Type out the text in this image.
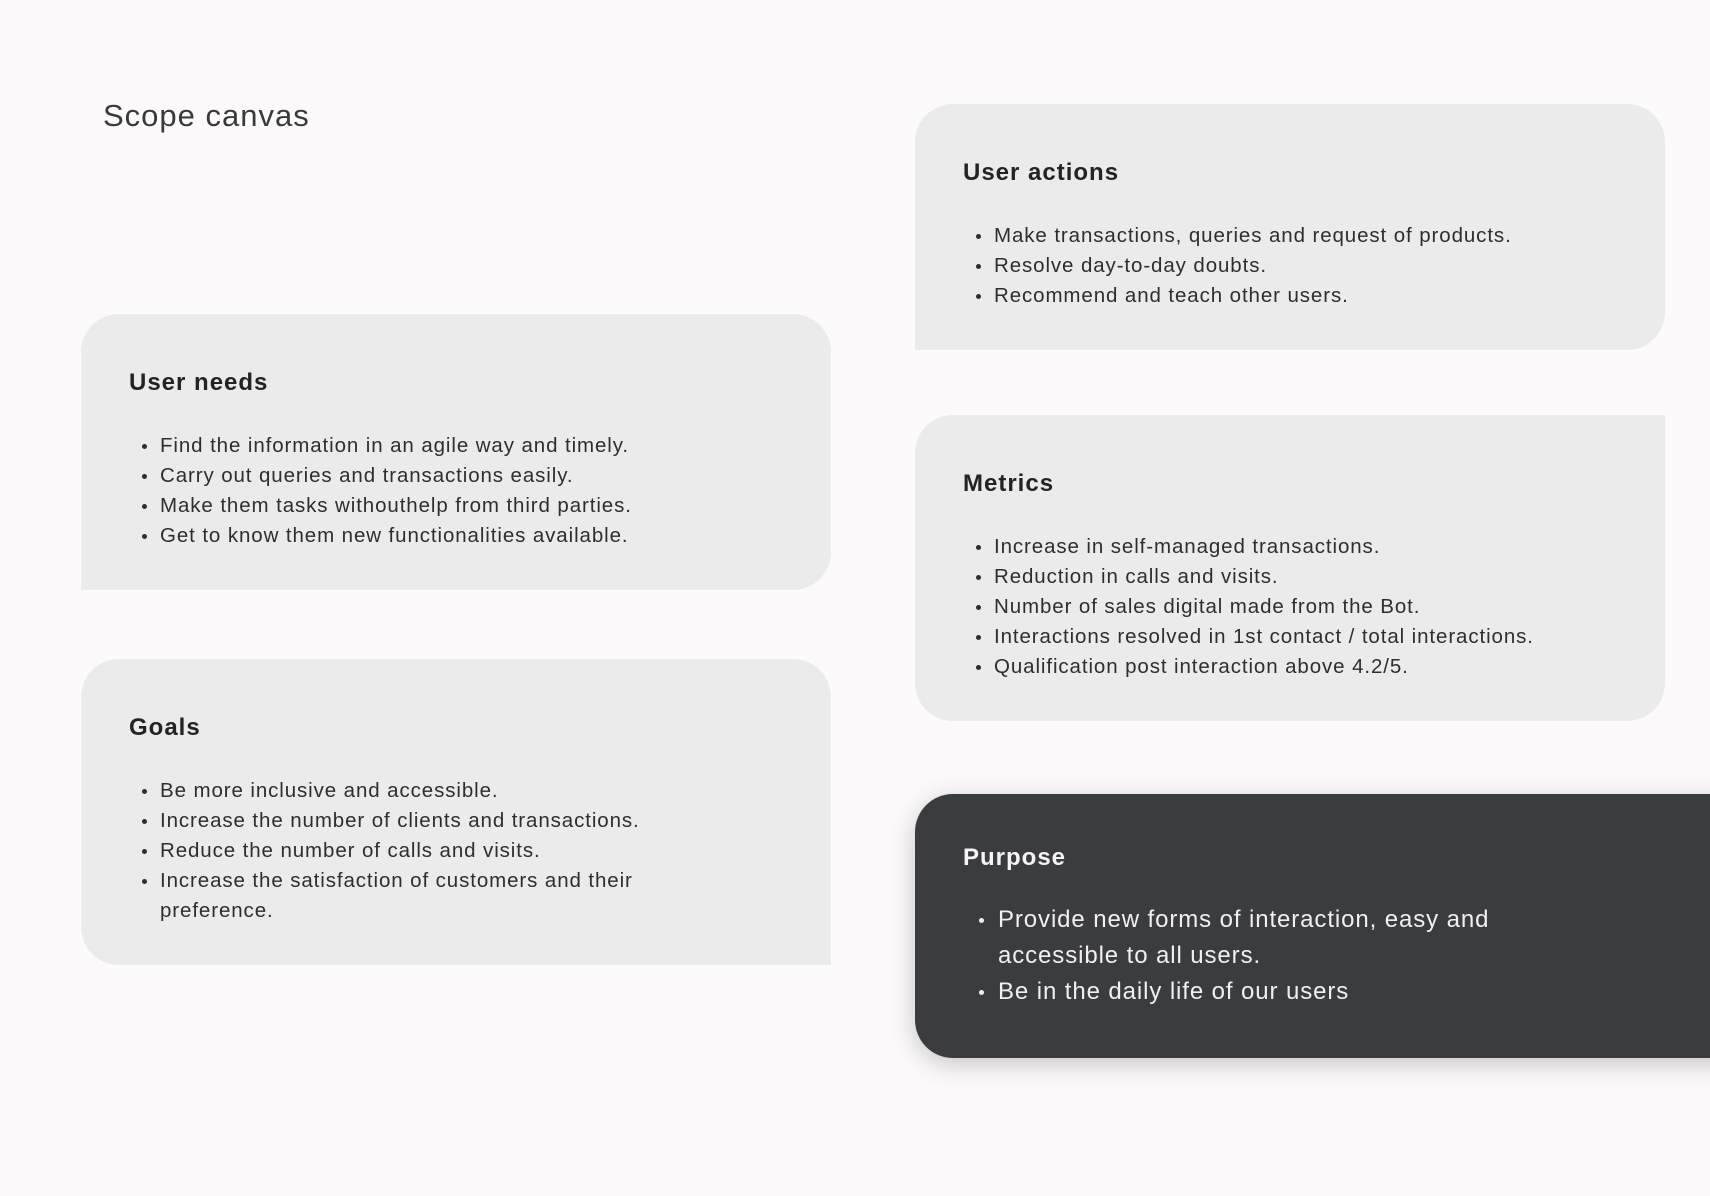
Scope canvas
User needs
Find the information in an agile way and timely.
Carry out queries and transactions easily.
Make them tasks withouthelp from third parties.
Get to know them new functionalities available.
Goals
Be more inclusive and accessible.
Increase the number of clients and transactions.
Reduce the number of calls and visits.
Increase the satisfaction of customers and their preference.
User actions
Make transactions, queries and request of products.
Resolve day-to-day doubts.
Recommend and teach other users.
Metrics
Increase in self-managed transactions.
Reduction in calls and visits.
Number of sales digital made from the Bot.
Interactions resolved in 1st contact / total interactions.
Qualification post interaction above 4.2/5.
Purpose
Provide new forms of interaction, easy and accessible to all users.
Be in the daily life of our users
